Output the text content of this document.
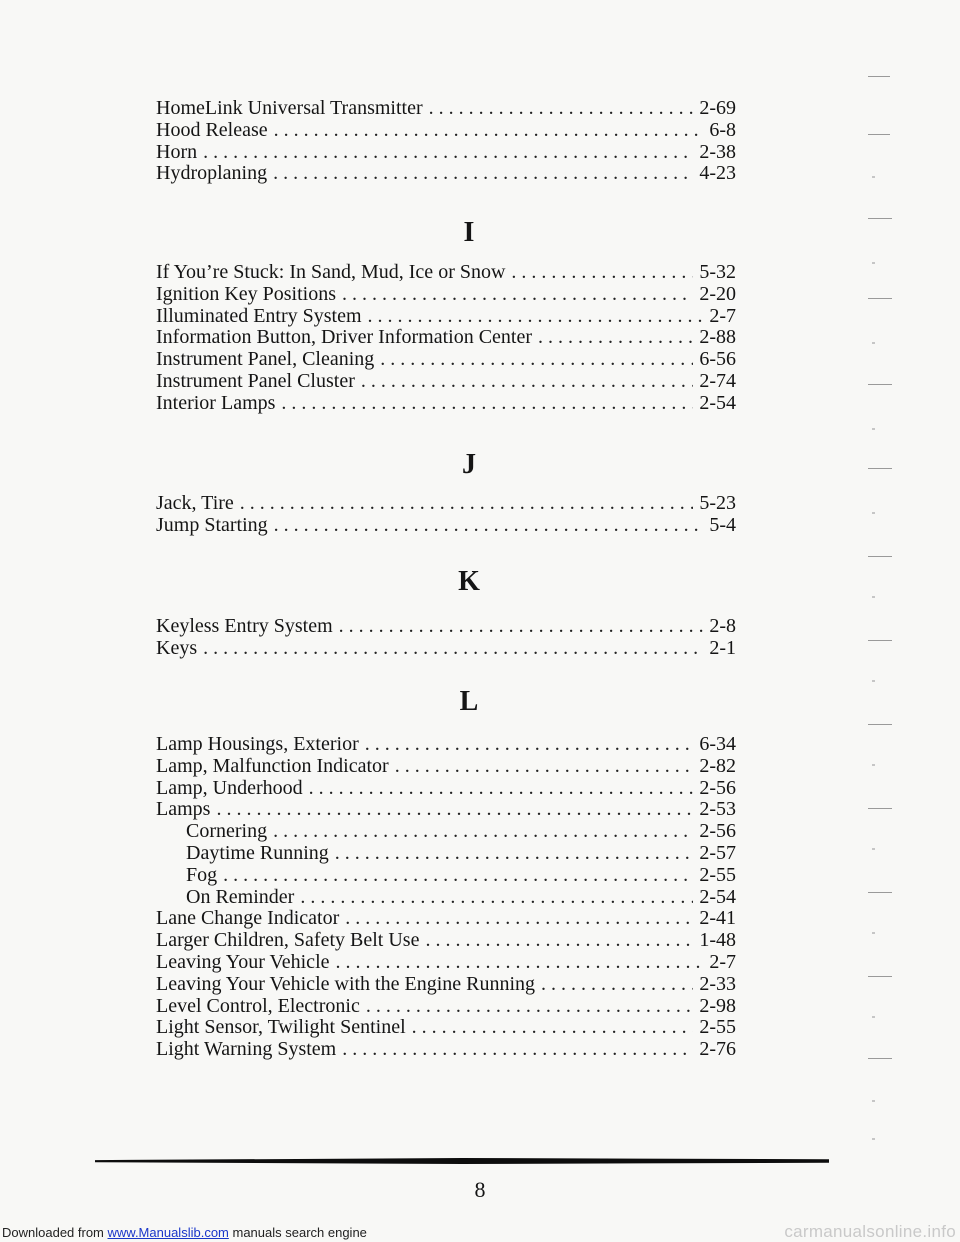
HomeLink Universal Transmitter . . .	2-69
Hood Release . . .	6-8
Horn . . .	2-38
Hydroplaning . . .	4-23
I
If You’re Stuck: In Sand, Mud, Ice or Snow . . .	5-32
Ignition Key Positions . . .	2-20
Illuminated Entry System . . .	2-7
Information Button, Driver Information Center . . .	2-88
Instrument Panel, Cleaning . . .	6-56
Instrument Panel Cluster . . .	2-74
Interior Lamps . . .	2-54
J
Jack, Tire . . .	5-23
Jump Starting . . .	5-4
K
Keyless Entry System . . .	2-8
Keys . . .	2-1
L
Lamp Housings, Exterior . . .	6-34
Lamp, Malfunction Indicator . . .	2-82
Lamp, Underhood . . .	2-56
Lamps . . .	2-53
Cornering . . .	2-56
Daytime Running . . .	2-57
Fog . . .	2-55
On Reminder . . .	2-54
Lane Change Indicator . . .	2-41
Larger Children, Safety Belt Use . . .	1-48
Leaving Your Vehicle . . .	2-7
Leaving Your Vehicle with the Engine Running . . .	2-33
Level Control, Electronic . . .	2-98
Light Sensor, Twilight Sentinel . . .	2-55
Light Warning System . . .	2-76
8
Downloaded from www.Manualslib.com manuals search engine	carmanualsonline.info
